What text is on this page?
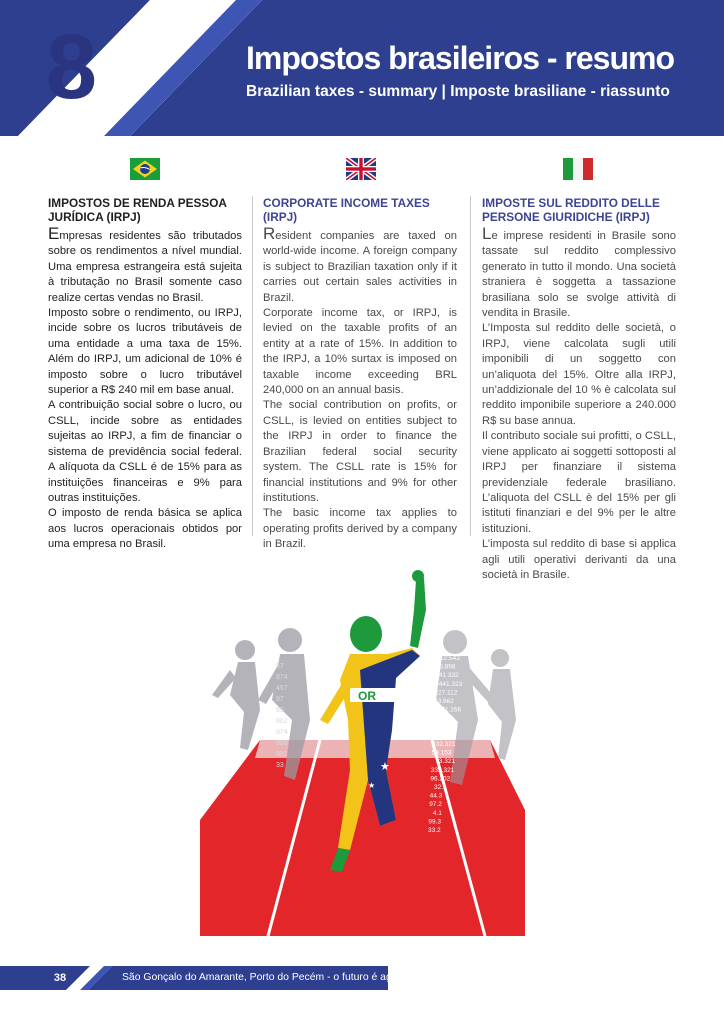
8	Impostos brasileiros - resumo
Brazilian taxes - summary | Imposte brasiliane - riassunto
IMPOSTOS DE RENDA PESSOA JURÍDICA (IRPJ)

Empresas residentes são tributados sobre os rendimentos a nível mundial. Uma empresa estrangeira está sujeita à tributação no Brasil somente caso realize certas vendas no Brasil.

Imposto sobre o rendimento, ou IRPJ, incide sobre os lucros tributáveis de uma entidade a uma taxa de 15%. Além do IRPJ, um adicional de 10% é imposto sobre o lucro tributável superior a R$ 240 mil em base anual.

A contribuição social sobre o lucro, ou CSLL, incide sobre as entidades sujeitas ao IRPJ, a fim de financiar o sistema de previdência social federal. A alíquota da CSLL é de 15% para as instituições financeiras e 9% para outras instituições.

O imposto de renda básica se aplica aos lucros operacionais obtidos por uma empresa no Brasil.

CORPORATE INCOME TAXES (IRPJ)

Resident companies are taxed on world-wide income. A foreign company is subject to Brazilian taxation only if it carries out certain sales activities in Brazil.

Corporate income tax, or IRPJ, is levied on the taxable profits of an entity at a rate of 15%. In addition to the IRPJ, a 10% surtax is imposed on taxable income exceeding BRL 240,000 on an annual basis.

The social contribution on profits, or CSLL, is levied on entities subject to the IRPJ in order to finance the Brazilian federal social security system. The CSLL rate is 15% for financial institutions and 9% for other institutions.

The basic income tax applies to operating profits derived by a company in Brazil.

IMPOSTE SUL REDDITO DELLE PERSONE GIURIDICHE (IRPJ)

Le imprese residenti in Brasile sono tassate sul reddito complessivo generato in tutto il mondo. Una società straniera è soggetta a tassazione brasiliana solo se svolge attività di vendita in Brasile.

L’Imposta sul reddito delle società, o IRPJ, viene calcolata sugli utili imponibili di un soggetto con un’aliquota del 15%. Oltre alla IRPJ, un’addizionale del 10 % è calcolata sul reddito imponibile superiore a 240.000 R$ su base annua.

Il contributo sociale sui profitti, o CSLL, viene applicato ai soggetti sottoposti al IRPJ per finanziare il sistema previdenziale federale brasiliano. L’aliquota del CSLL è del 15% per gli istituti finanziari e del 9% per le altre istituzioni.

L’imposta sul reddito di base si applica agli utili operativi derivanti da una società in Brasile.

OR
★
★
12.543
55.898
341.332
441.323
227.112
33.662
271.266
77.218
3.682
87.322
332.321
59.153
73.321
332.321
96.202
32.
44.3
97.2
4.1
99.3
33.2
57
874
457
97
89
862
974
988
582
33
38	São Gonçalo do Amarante, Porto do Pecém - o futuro é agora
